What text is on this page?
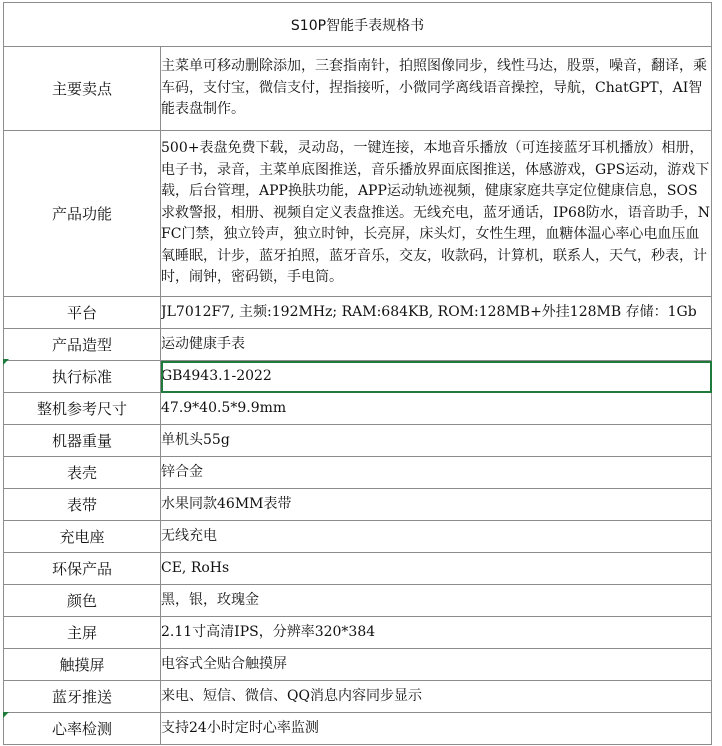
S10P智能手表规格书	
主要卖点	主菜单可移动删除添加，三套指南针，拍照图像同步，线性马达，股票，噪音，翻译，乘车码，支付宝，微信支付，捏指接听，小微同学离线语音操控，导航，ChatGPT，AI智能表盘制作。
产品功能	500+表盘免费下载，灵动岛，一键连接，本地音乐播放（可连接蓝牙耳机播放）相册，电子书，录音，主菜单底图推送，音乐播放界面底图推送，体感游戏，GPS运动，游戏下载，后台管理，APP换肤功能，APP运动轨迹视频，健康家庭共享定位健康信息，SOS求救警报，相册、视频自定义表盘推送。无线充电，蓝牙通话，IP68防水，语音助手，NFC门禁，独立铃声，独立时钟，长亮屏，床头灯，女性生理，血糖体温心率心电血压血氧睡眠，计步，蓝牙拍照，蓝牙音乐，交友，收款码，计算机，联系人，天气，秒表，计时，闹钟，密码锁，手电筒。
平台	JL7012F7, 主频:192MHz; RAM:684KB, ROM:128MB+外挂128MB 存储：1Gb
产品造型	运动健康手表
执行标准	GB4943.1-2022
整机参考尺寸	47.9*40.5*9.9mm
机器重量	单机头55g
表壳	锌合金
表带	水果同款46MM表带
充电座	无线充电
环保产品	CE, RoHs
颜色	黑，银，玫瑰金
主屏	2.11寸高清IPS，分辨率320*384
触摸屏	电容式全贴合触摸屏
蓝牙推送	来电、短信、微信、QQ消息内容同步显示
心率检测	支持24小时定时心率监测
